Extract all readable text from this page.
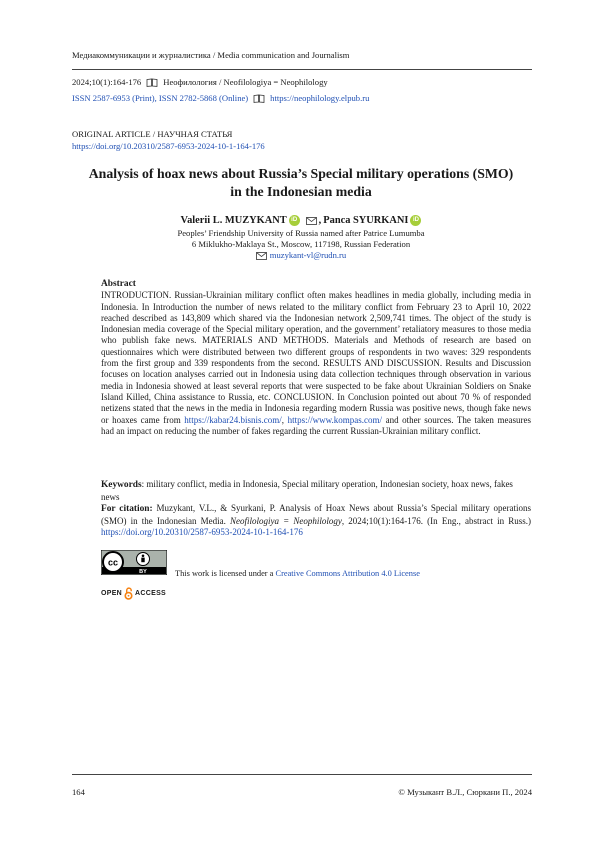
Медиакоммуникации и журналистика / Media communication and Journalism
2024;10(1):164-176	Неофилология / Neofilologiya = Neophilology
ISSN 2587-6953 (Print), ISSN 2782-5868 (Online)	https://neophilology.elpub.ru
ORIGINAL ARTICLE / НАУЧНАЯ СТАТЬЯ
https://doi.org/10.20310/2587-6953-2024-10-1-164-176
Analysis of hoax news about Russia’s Special military operations (SMO)
in the Indonesian media
Valerii L. MUZYKANT iD , Panca SYURKANI iD
Peoples’ Friendship University of Russia named after Patrice Lumumba
6 Miklukho-Maklaya St., Moscow, 117198, Russian Federation
muzykant-vl@rudn.ru
Abstract
INTRODUCTION. Russian-Ukrainian military conflict often makes headlines in media globally, including media in Indonesia. In Introduction the number of news related to the military conflict from February 23 to April 10, 2022 reached described as 143,809 which shared via the Indonesian network 2,509,741 times. The object of the study is Indonesian media coverage of the Special military operation, and the government’ retaliatory measures to those media who publish fake news. MATERIALS AND METHODS. Materials and Methods of research are based on questionnaires which were distributed between two different groups of respondents in two waves: 329 respondents from the first group and 339 respondents from the second. RESULTS AND DISCUSSION. Results and Discussion focuses on location analyses carried out in Indonesia using data collection techniques through observation in various media in Indonesia showed at least several reports that were suspected to be fake about Ukrainian Soldiers on Snake Island Killed, China assistance to Russia, etc. CONCLUSION. In Conclusion pointed out about 70 % of responded netizens stated that the news in the media in Indonesia regarding modern Russia was positive news, though fake news or hoaxes came from https://kabar24.bisnis.com/, https://www.kompas.com/ and other sources. The taken measures had an impact on reducing the number of fakes regarding the current Russian-Ukrainian military conflict.
Keywords: military conflict, media in Indonesia, Special military operation, Indonesian society, hoax news, fakes news
For citation: Muzykant, V.L., & Syurkani, P. Analysis of Hoax News about Russia’s Special military operations (SMO) in the Indonesian Media. Neofilologiya = Neophilology, 2024;10(1):164-176. (In Eng., abstract in Russ.) https://doi.org/10.20310/2587-6953-2024-10-1-164-176
cc
BY	This work is licensed under a Creative Commons Attribution 4.0 License
OPEN ACCESS
164	© Музыкант В.Л., Сюркани П., 2024
